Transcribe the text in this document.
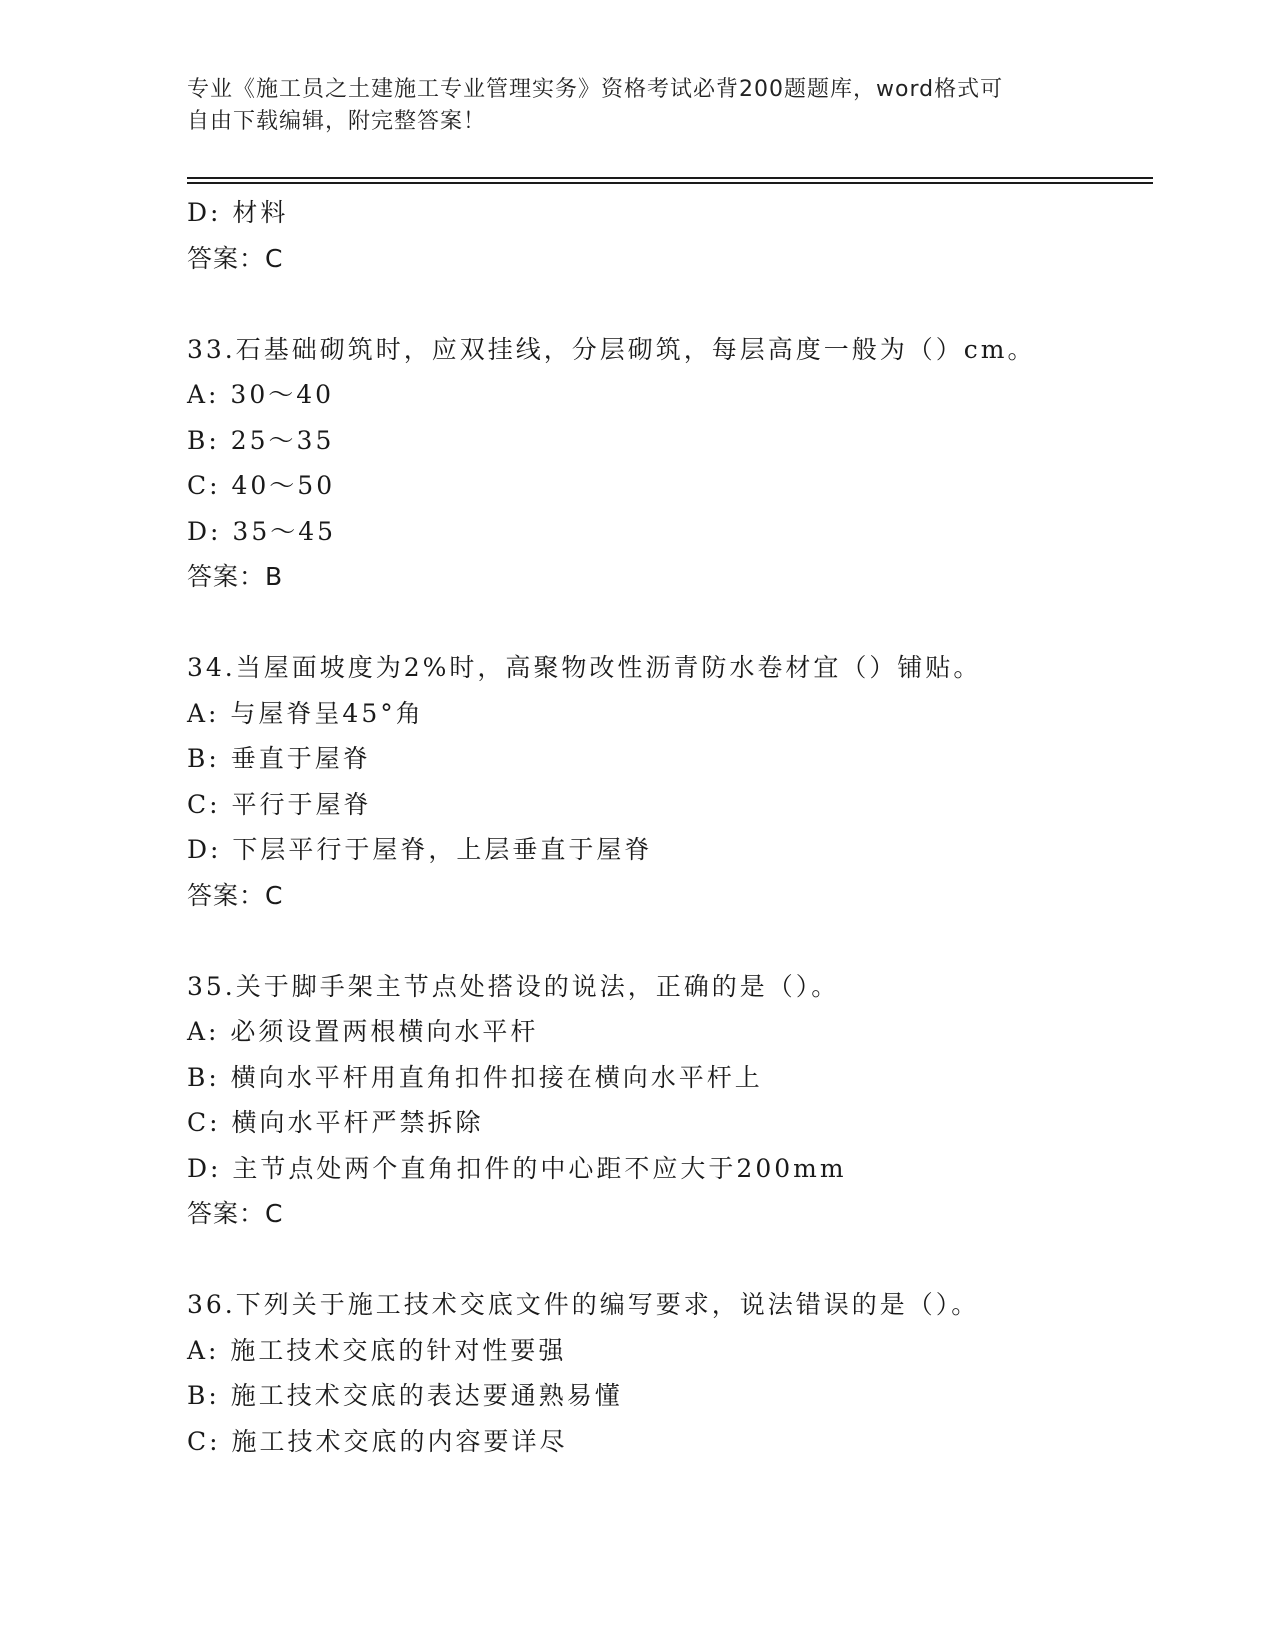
专业《施工员之土建施工专业管理实务》资格考试必背200题题库，word格式可
自由下载编辑，附完整答案！
D: 材料
答案：C
33.石基础砌筑时，应双挂线，分层砌筑，每层高度一般为（）cm。
A: 30～40
B: 25～35
C: 40～50
D: 35～45
答案：B
34.当屋面坡度为2%时，高聚物改性沥青防水卷材宜（）铺贴。
A: 与屋脊呈45°角
B: 垂直于屋脊
C: 平行于屋脊
D: 下层平行于屋脊，上层垂直于屋脊
答案：C
35.关于脚手架主节点处搭设的说法，正确的是（）。
A: 必须设置两根横向水平杆
B: 横向水平杆用直角扣件扣接在横向水平杆上
C: 横向水平杆严禁拆除
D: 主节点处两个直角扣件的中心距不应大于200mm
答案：C
36.下列关于施工技术交底文件的编写要求，说法错误的是（）。
A: 施工技术交底的针对性要强
B: 施工技术交底的表达要通熟易懂
C: 施工技术交底的内容要详尽
